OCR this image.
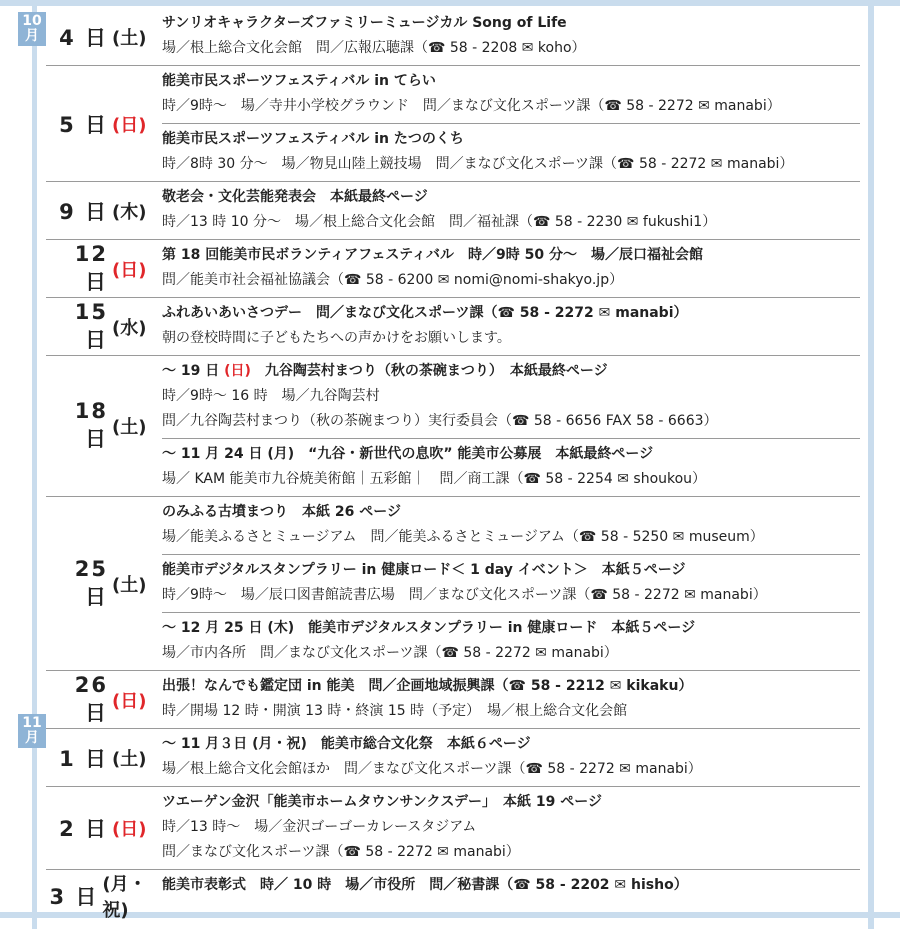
10
月
11
月
4 日 (土)
サンリオキャラクターズファミリーミュージカル Song of Life
場／根上総合文化会館　問／広報広聴課（☎ 58 - 2208 ✉ koho）
5 日 (日)
能美市民スポーツフェスティバル in てらい
時／9時〜　場／寺井小学校グラウンド　問／まなび文化スポーツ課（☎ 58 - 2272 ✉ manabi）
能美市民スポーツフェスティバル in たつのくち
時／8時 30 分〜　場／物見山陸上競技場　問／まなび文化スポーツ課（☎ 58 - 2272 ✉ manabi）
9 日 (木)
敬老会・文化芸能発表会　本紙最終ページ
時／13 時 10 分〜　場／根上総合文化会館　問／福祉課（☎ 58 - 2230 ✉ fukushi1）
12 日 (日)
第 18 回能美市民ボランティアフェスティバル　時／9時 50 分〜　場／辰口福祉会館
問／能美市社会福祉協議会（☎ 58 - 6200 ✉ nomi@nomi-shakyo.jp）
15 日 (水)
ふれあいあいさつデー　問／まなび文化スポーツ課（☎ 58 - 2272 ✉ manabi）
朝の登校時間に子どもたちへの声かけをお願いします。
18 日 (土)
〜 19 日 (日)　九谷陶芸村まつり（秋の茶碗まつり）　本紙最終ページ
時／9時〜 16 時　場／九谷陶芸村
問／九谷陶芸村まつり（秋の茶碗まつり）実行委員会（☎ 58 - 6656 FAX 58 - 6663）
〜 11 月 24 日 (月)　“九谷・新世代の息吹” 能美市公募展　本紙最終ページ
場／ KAM 能美市九谷焼美術館｜五彩館｜　問／商工課（☎ 58 - 2254 ✉ shoukou）
25 日 (土)
のみふる古墳まつり　本紙 26 ページ
場／能美ふるさとミュージアム　問／能美ふるさとミュージアム（☎ 58 - 5250 ✉ museum）
能美市デジタルスタンプラリー in 健康ロード＜ 1 day イベント＞　本紙５ページ
時／9時〜　場／辰口図書館読書広場　問／まなび文化スポーツ課（☎ 58 - 2272 ✉ manabi）
〜 12 月 25 日 (木)　能美市デジタルスタンプラリー in 健康ロード　本紙５ページ
場／市内各所　問／まなび文化スポーツ課（☎ 58 - 2272 ✉ manabi）
26 日 (日)
出張！なんでも鑑定団 in 能美　問／企画地域振興課（☎ 58 - 2212 ✉ kikaku）
時／開場 12 時・開演 13 時・終演 15 時（予定）　場／根上総合文化会館
1 日 (土)
〜 11 月３日 (月・祝)　能美市総合文化祭　本紙６ページ
場／根上総合文化会館ほか　問／まなび文化スポーツ課（☎ 58 - 2272 ✉ manabi）
2 日 (日)
ツエーゲン金沢「能美市ホームタウンサンクスデー」　本紙 19 ページ
時／13 時〜　場／金沢ゴーゴーカレースタジアム
問／まなび文化スポーツ課（☎ 58 - 2272 ✉ manabi）
3 日
(月・祝)
能美市表彰式　時／ 10 時　場／市役所　問／秘書課（☎ 58 - 2202 ✉ hisho）
